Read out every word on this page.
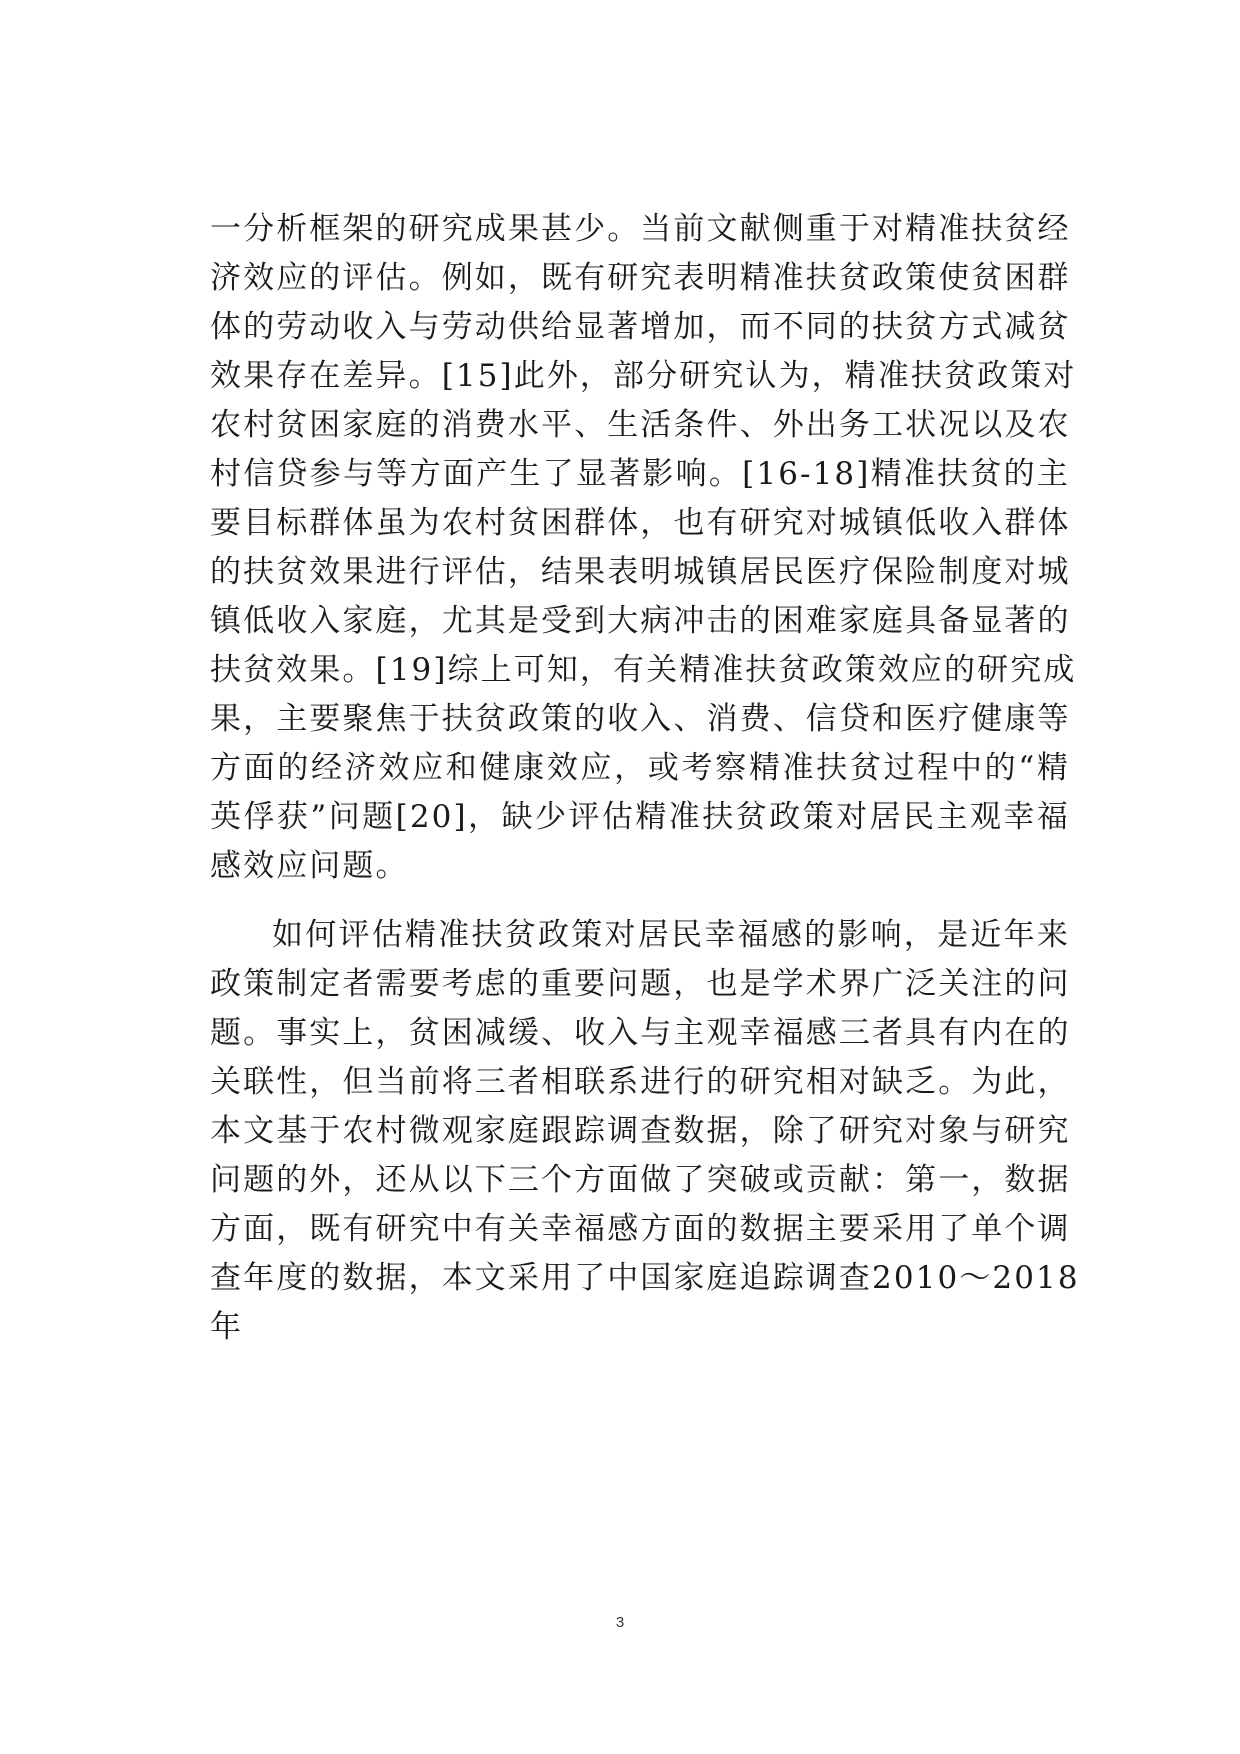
一分析框架的研究成果甚少。当前文献侧重于对精准扶贫经
济效应的评估。例如，既有研究表明精准扶贫政策使贫困群
体的劳动收入与劳动供给显著增加，而不同的扶贫方式减贫
效果存在差异。[15]此外，部分研究认为，精准扶贫政策对
农村贫困家庭的消费水平、生活条件、外出务工状况以及农
村信贷参与等方面产生了显著影响。[16-18]精准扶贫的主
要目标群体虽为农村贫困群体，也有研究对城镇低收入群体
的扶贫效果进行评估，结果表明城镇居民医疗保险制度对城
镇低收入家庭，尤其是受到大病冲击的困难家庭具备显著的
扶贫效果。[19]综上可知，有关精准扶贫政策效应的研究成
果，主要聚焦于扶贫政策的收入、消费、信贷和医疗健康等
方面的经济效应和健康效应，或考察精准扶贫过程中的“精
英俘获”问题[20]，缺少评估精准扶贫政策对居民主观幸福
感效应问题。
如何评估精准扶贫政策对居民幸福感的影响，是近年来
政策制定者需要考虑的重要问题，也是学术界广泛关注的问
题。事实上，贫困减缓、收入与主观幸福感三者具有内在的
关联性，但当前将三者相联系进行的研究相对缺乏。为此，
本文基于农村微观家庭跟踪调查数据，除了研究对象与研究
问题的外，还从以下三个方面做了突破或贡献：第一，数据
方面，既有研究中有关幸福感方面的数据主要采用了单个调
查年度的数据，本文采用了中国家庭追踪调查2010～2018
年
3
